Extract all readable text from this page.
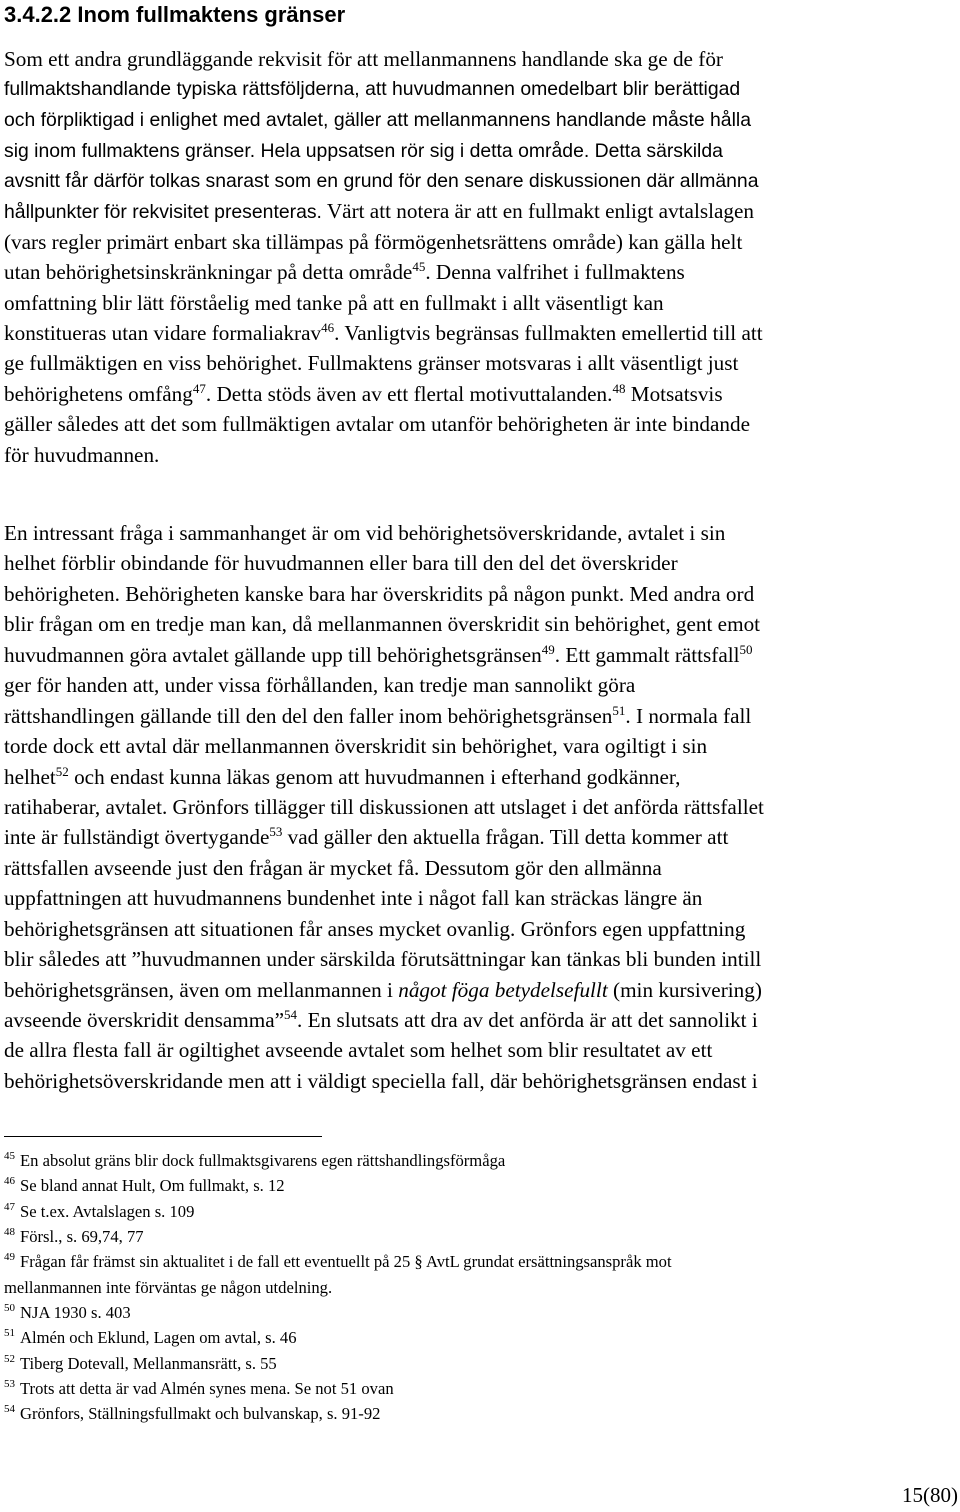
3.4.2.2 Inom fullmaktens gränser
Som ett andra grundläggande rekvisit för att mellanmannens handlande ska ge de för
fullmaktshandlande typiska rättsföljderna, att huvudmannen omedelbart blir berättigad
och förpliktigad i enlighet med avtalet, gäller att mellanmannens handlande måste hålla
sig inom fullmaktens gränser. Hela uppsatsen rör sig i detta område. Detta särskilda
avsnitt får därför tolkas snarast som en grund för den senare diskussionen där allmänna
hållpunkter för rekvisitet presenteras. Värt att notera är att en fullmakt enligt avtalslagen
(vars regler primärt enbart ska tillämpas på förmögenhetsrättens område) kan gälla helt
utan behörighetsinskränkningar på detta område$^{45}$. Denna valfrihet i fullmaktens
omfattning blir lätt förståelig med tanke på att en fullmakt i allt väsentligt kan
konstitueras utan vidare formaliakrav$^{46}$. Vanligtvis begränsas fullmakten emellertid till att
ge fullmäktigen en viss behörighet. Fullmaktens gränser motsvaras i allt väsentligt just
behörighetens omfång$^{47}$. Detta stöds även av ett flertal motivuttalanden.$^{48}$ Motsatsvis
gäller således att det som fullmäktigen avtalar om utanför behörigheten är inte bindande
för huvudmannen.
En intressant fråga i sammanhanget är om vid behörighetsöverskridande, avtalet i sin
helhet förblir obindande för huvudmannen eller bara till den del det överskrider
behörigheten. Behörigheten kanske bara har överskridits på någon punkt. Med andra ord
blir frågan om en tredje man kan, då mellanmannen överskridit sin behörighet, gent emot
huvudmannen göra avtalet gällande upp till behörighetsgränsen$^{49}$. Ett gammalt rättsfall$^{50}$
ger för handen att, under vissa förhållanden, kan tredje man sannolikt göra
rättshandlingen gällande till den del den faller inom behörighetsgränsen$^{51}$. I normala fall
torde dock ett avtal där mellanmannen överskridit sin behörighet, vara ogiltigt i sin
helhet$^{52}$ och endast kunna läkas genom att huvudmannen i efterhand godkänner,
ratihaberar, avtalet. Grönfors tillägger till diskussionen att utslaget i det anförda rättsfallet
inte är fullständigt övertygande$^{53}$ vad gäller den aktuella frågan. Till detta kommer att
rättsfallen avseende just den frågan är mycket få. Dessutom gör den allmänna
uppfattningen att huvudmannens bundenhet inte i något fall kan sträckas längre än
behörighetsgränsen att situationen får anses mycket ovanlig. Grönfors egen uppfattning
blir således att ”huvudmannen under särskilda förutsättningar kan tänkas bli bunden intill
behörighetsgränsen, även om mellanmannen i något föga betydelsefullt (min kursivering)
avseende överskridit densamma”$^{54}$. En slutsats att dra av det anförda är att det sannolikt i
de allra flesta fall är ogiltighet avseende avtalet som helhet som blir resultatet av ett
behörighetsöverskridande men att i väldigt speciella fall, där behörighetsgränsen endast i
$^{45}$ En absolut gräns blir dock fullmaktsgivarens egen rättshandlingsförmåga
$^{46}$ Se bland annat Hult, Om fullmakt, s. 12
$^{47}$ Se t.ex. Avtalslagen s. 109
$^{48}$ Försl., s. 69,74, 77
$^{49}$ Frågan får främst sin aktualitet i de fall ett eventuellt på 25 § AvtL grundat ersättningsanspråk mot
mellanmannen inte förväntas ge någon utdelning.
$^{50}$ NJA 1930 s. 403
$^{51}$ Almén och Eklund, Lagen om avtal, s. 46
$^{52}$ Tiberg Dotevall, Mellanmansrätt, s. 55
$^{53}$ Trots att detta är vad Almén synes mena. Se not 51 ovan
$^{54}$ Grönfors, Ställningsfullmakt och bulvanskap, s. 91-92
15(80)
